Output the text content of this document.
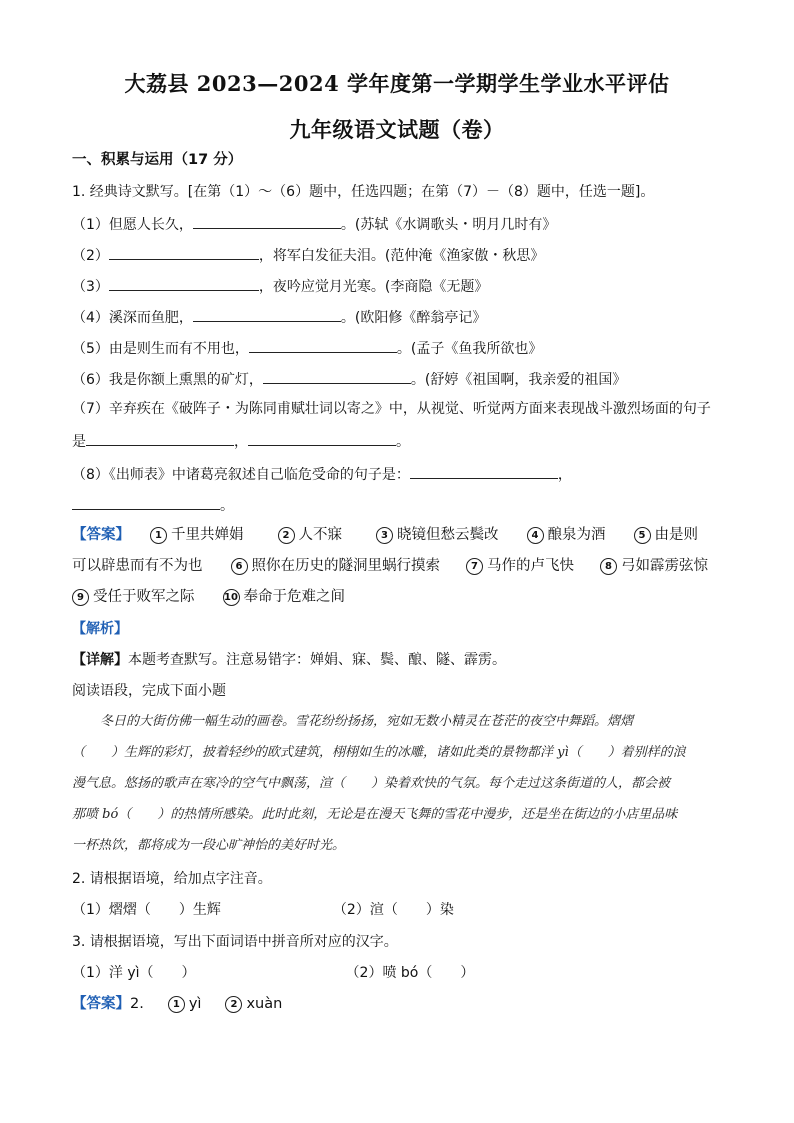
大荔县 2023—2024 学年度第一学期学生学业水平评估
九年级语文试题（卷）
一、积累与运用（17 分）
1. 经典诗文默写。[在第（1）～（6）题中，任选四题；在第（7）－（8）题中，任选一题]。
（1）但愿人长久，	。(苏轼《水调歌头・明月几时有》
（2）	，将军白发征夫泪。(范仲淹《渔家傲・秋思》
（3）	，夜吟应觉月光寒。(李商隐《无题》
（4）溪深而鱼肥，	。(欧阳修《醉翁亭记》
（5）由是则生而有不用也，	。(孟子《鱼我所欲也》
（6）我是你额上熏黑的矿灯，	。(舒婷《祖国啊，我亲爱的祖国》
（7）辛弃疾在《破阵子・为陈同甫赋壮词以寄之》中，从视觉、听觉两方面来表现战斗激烈场面的句子
是	，	。
（8）《出师表》中诸葛亮叙述自己临危受命的句子是：	，
。
【答案】	1 千里共婵娟	2 人不寐	3 晓镜但愁云鬓改	4 酿泉为酒	5 由是则
可以辟患而有不为也	6 照你在历史的隧洞里蜗行摸索	7 马作的卢飞快	8 弓如霹雳弦惊
9 受任于败军之际	10 奉命于危难之间
【解析】
【详解】本题考查默写。注意易错字：婵娟、寐、鬓、酿、隧、霹雳。
阅读语段，完成下面小题

冬日的大街仿佛一幅生动的画卷。雪花纷纷扬扬，宛如无数小精灵在苍茫的夜空中舞蹈。熠熠

（　　）生辉的彩灯，披着轻纱的欧式建筑，栩栩如生的冰雕，诸如此类的景物都洋 yì（　　）着别样的浪

漫气息。悠扬的歌声在寒冷的空气中飘荡，渲（　　）染着欢快的气氛。每个走过这条街道的人，都会被

那喷 bó（　　）的热情所感染。此时此刻，无论是在漫天飞舞的雪花中漫步，还是坐在街边的小店里品味

一杯热饮，都将成为一段心旷神怡的美好时光。

2. 请根据语境，给加点字注音。
（1）熠熠（　　）生辉	（2）渲（　　）染
3. 请根据语境，写出下面词语中拼音所对应的汉字。
（1）洋 yì（　　）	（2）喷 bó（　　）
【答案】2.	1 yì	2 xuàn
